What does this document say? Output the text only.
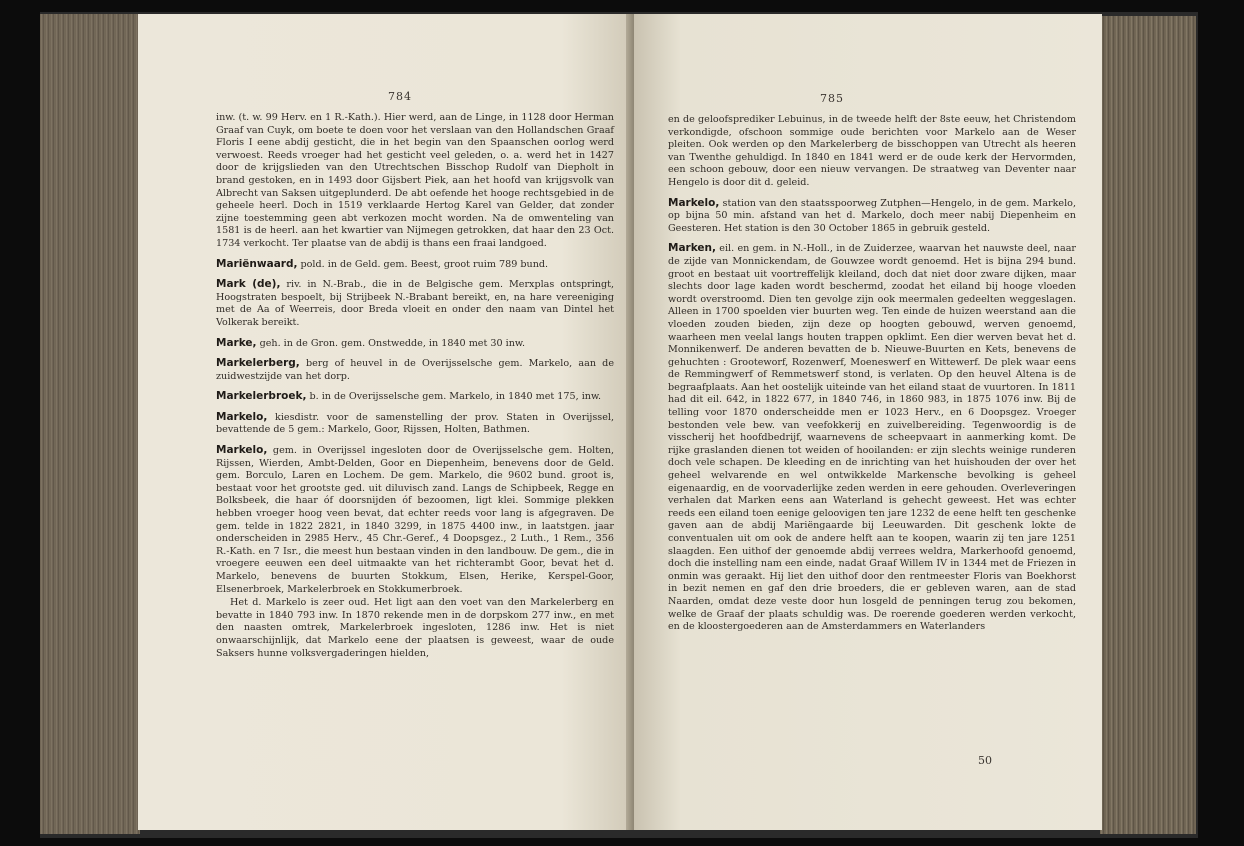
784

inw. (t. w. 99 Herv. en 1 R.-Kath.). Hier werd, aan de Linge, in 1128 door Herman Graaf van Cuyk, om boete te doen voor het verslaan van den Hollandschen Graaf Floris I eene abdij gesticht, die in het begin van den Spaanschen oorlog werd verwoest. Reeds vroeger had het gesticht veel geleden, o. a. werd het in 1427 door de krijgslieden van den Utrechtschen Bisschop Rudolf van Diepholt in brand gestoken, en in 1493 door Gijsbert Piek, aan het hoofd van krijgsvolk van Albrecht van Saksen uitgeplunderd. De abt oefende het hooge rechtsgebied in de geheele heerl. Doch in 1519 verklaarde Hertog Karel van Gelder, dat zonder zijne toestemming geen abt verkozen mocht worden. Na de omwenteling van 1581 is de heerl. aan het kwartier van Nijmegen getrokken, dat haar den 23 Oct. 1734 verkocht. Ter plaatse van de abdij is thans een fraai landgoed.

Mariënwaard, pold. in de Geld. gem. Beest, groot ruim 789 bund.

Mark (de), riv. in N.-Brab., die in de Belgische gem. Merxplas ontspringt, Hoogstraten bespoelt, bij Strijbeek N.-Brabant bereikt, en, na hare vereeniging met de Aa of Weerreis, door Breda vloeit en onder den naam van Dintel het Volkerak bereikt.

Marke, geh. in de Gron. gem. Onstwedde, in 1840 met 30 inw.

Markelerberg, berg of heuvel in de Overijsselsche gem. Markelo, aan de zuidwestzijde van het dorp.

Markelerbroek, b. in de Overijsselsche gem. Markelo, in 1840 met 175, inw.

Markelo, kiesdistr. voor de samenstelling der prov. Staten in Overijssel, bevattende de 5 gem.: Markelo, Goor, Rijssen, Holten, Bathmen.

Markelo, gem. in Overijssel ingesloten door de Overijsselsche gem. Holten, Rijssen, Wierden, Ambt-Delden, Goor en Diepenheim, benevens door de Geld. gem. Borculo, Laren en Lochem. De gem. Markelo, die 9602 bund. groot is, bestaat voor het grootste ged. uit diluvisch zand. Langs de Schipbeek, Regge en Bolksbeek, die haar óf doorsnijden óf bezoomen, ligt klei. Sommige plekken hebben vroeger hoog veen bevat, dat echter reeds voor lang is afgegraven. De gem. telde in 1822 2821, in 1840 3299, in 1875 4400 inw., in laatstgen. jaar onderscheiden in 2985 Herv., 45 Chr.-Geref., 4 Doopsgez., 2 Luth., 1 Rem., 356 R.-Kath. en 7 Isr., die meest hun bestaan vinden in den landbouw. De gem., die in vroegere eeuwen een deel uitmaakte van het richterambt Goor, bevat het d. Markelo, benevens de buurten Stokkum, Elsen, Herike, Kerspel-Goor, Elsenerbroek, Markelerbroek en Stokkumerbroek.

Het d. Markelo is zeer oud. Het ligt aan den voet van den Markelerberg en bevatte in 1840 793 inw. In 1870 rekende men in de dorpskom 277 inw., en met den naasten omtrek, Markelerbroek ingesloten, 1286 inw. Het is niet onwaarschijnlijk, dat Markelo eene der plaatsen is geweest, waar de oude Saksers hunne volksvergaderingen hielden,

785

en de geloofsprediker Lebuinus, in de tweede helft der 8ste eeuw, het Christendom verkondigde, ofschoon sommige oude berichten voor Markelo aan de Weser pleiten. Ook werden op den Markelerberg de bisschoppen van Utrecht als heeren van Twenthe gehuldigd. In 1840 en 1841 werd er de oude kerk der Hervormden, een schoon gebouw, door een nieuw vervangen. De straatweg van Deventer naar Hengelo is door dit d. geleid.

Markelo, station van den staatsspoorweg Zutphen—Hengelo, in de gem. Markelo, op bijna 50 min. afstand van het d. Markelo, doch meer nabij Diepenheim en Geesteren. Het station is den 30 October 1865 in gebruik gesteld.

Marken, eil. en gem. in N.-Holl., in de Zuiderzee, waarvan het nauwste deel, naar de zijde van Monnickendam, de Gouwzee wordt genoemd. Het is bijna 294 bund. groot en bestaat uit voortreffelijk kleiland, doch dat niet door zware dijken, maar slechts door lage kaden wordt beschermd, zoodat het eiland bij hooge vloeden wordt overstroomd. Dien ten gevolge zijn ook meermalen gedeelten weggeslagen. Alleen in 1700 spoelden vier buurten weg. Ten einde de huizen weerstand aan die vloeden zouden bieden, zijn deze op hoogten gebouwd, werven genoemd, waarheen men veelal langs houten trappen opklimt. Een dier werven bevat het d. Monnikenwerf. De anderen bevatten de b. Nieuwe-Buurten en Kets, benevens de gehuchten : Grooteworf, Rozenwerf, Moeneswerf en Wittewerf. De plek waar eens de Remmingwerf of Remmetswerf stond, is verlaten. Op den heuvel Altena is de begraafplaats. Aan het oostelijk uiteinde van het eiland staat de vuurtoren. In 1811 had dit eil. 642, in 1822 677, in 1840 746, in 1860 983, in 1875 1076 inw. Bij de telling voor 1870 onderscheidde men er 1023 Herv., en 6 Doopsgez. Vroeger bestonden vele bew. van veefokkerij en zuivelbereiding. Tegenwoordig is de visscherij het hoofdbedrijf, waarnevens de scheepvaart in aanmerking komt. De rijke graslanden dienen tot weiden of hooilanden: er zijn slechts weinige runderen doch vele schapen. De kleeding en de inrichting van het huishouden der over het geheel welvarende en wel ontwikkelde Markensche bevolking is geheel eigenaardig, en de voorvaderlijke zeden werden in eere gehouden. Overleveringen verhalen dat Marken eens aan Waterland is gehecht geweest. Het was echter reeds een eiland toen eenige geloovigen ten jare 1232 de eene helft ten geschenke gaven aan de abdij Mariëngaarde bij Leeuwarden. Dit geschenk lokte de conventualen uit om ook de andere helft aan te koopen, waarin zij ten jare 1251 slaagden. Een uithof der genoemde abdij verrees weldra, Markerhoofd genoemd, doch die instelling nam een einde, nadat Graaf Willem IV in 1344 met de Friezen in onmin was geraakt. Hij liet den uithof door den rentmeester Floris van Boekhorst in bezit nemen en gaf den drie broeders, die er gebleven waren, aan de stad Naarden, omdat deze veste door hun losgeld de penningen terug zou bekomen, welke de Graaf der plaats schuldig was. De roerende goederen werden verkocht, en de kloostergoederen aan de Amsterdammers en Waterlanders

50
